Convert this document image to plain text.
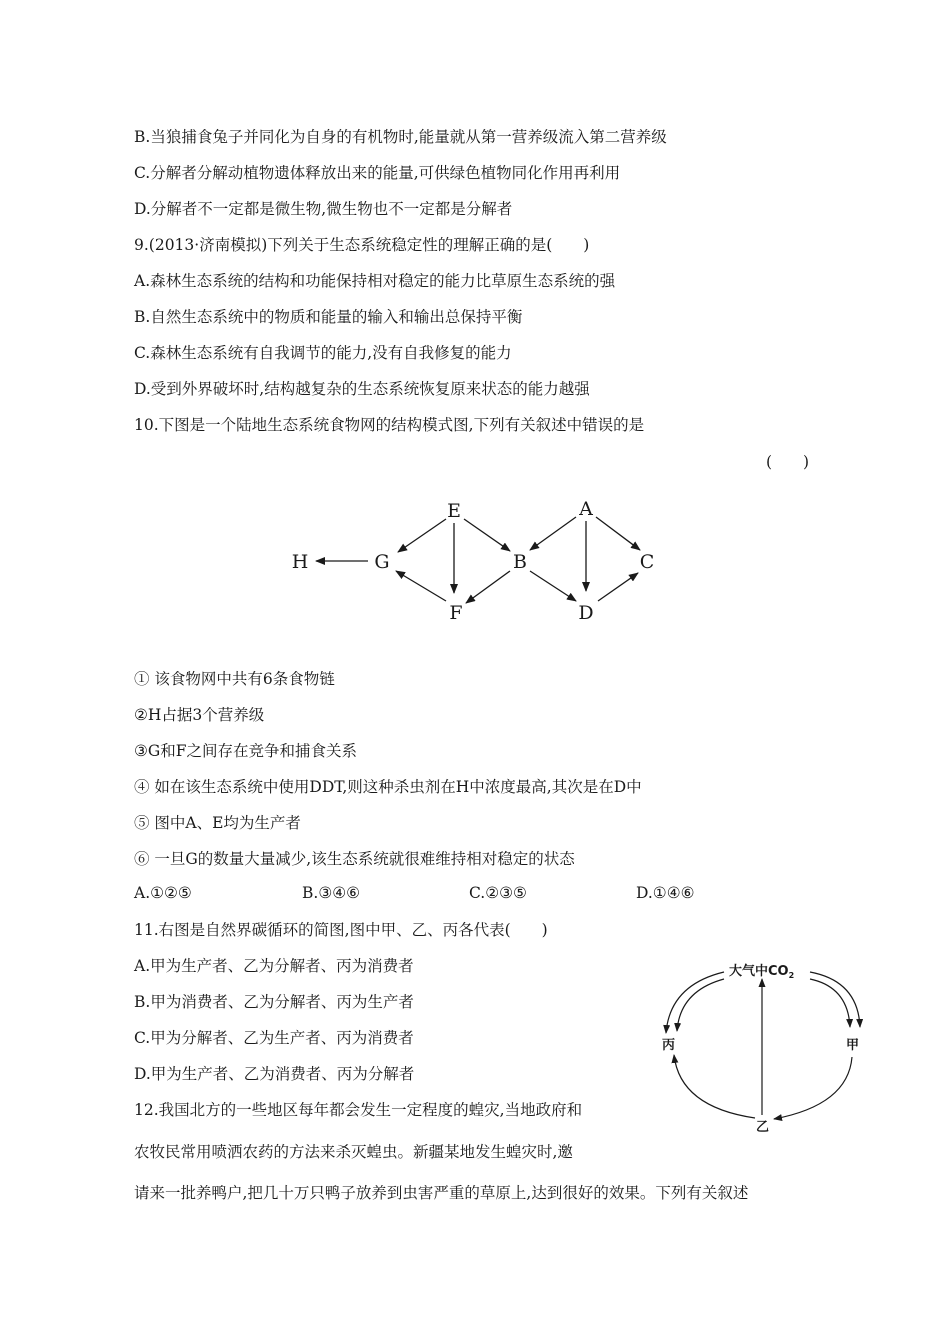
B.当狼捕食兔子并同化为自身的有机物时,能量就从第一营养级流入第二营养级
C.分解者分解动植物遗体释放出来的能量,可供绿色植物同化作用再利用
D.分解者不一定都是微生物,微生物也不一定都是分解者
9.(2013·济南模拟)下列关于生态系统稳定性的理解正确的是(　　)
A.森林生态系统的结构和功能保持相对稳定的能力比草原生态系统的强
B.自然生态系统中的物质和能量的输入和输出总保持平衡
C.森林生态系统有自我调节的能力,没有自我修复的能力
D.受到外界破坏时,结构越复杂的生态系统恢复原来状态的能力越强
10.下图是一个陆地生态系统食物网的结构模式图,下列有关叙述中错误的是
(　　)
E	A
H	G	B	C
F	D
① 该食物网中共有6条食物链
②H占据3个营养级
③G和F之间存在竞争和捕食关系
④ 如在该生态系统中使用DDT,则这种杀虫剂在H中浓度最高,其次是在D中
⑤ 图中A、E均为生产者
⑥ 一旦G的数量大量减少,该生态系统就很难维持相对稳定的状态
A.①②⑤	B.③④⑥	C.②③⑤	D.①④⑥
11.右图是自然界碳循环的简图,图中甲、乙、丙各代表(　　)
A.甲为生产者、乙为分解者、丙为消费者
B.甲为消费者、乙为分解者、丙为生产者
C.甲为分解者、乙为生产者、丙为消费者
D.甲为生产者、乙为消费者、丙为分解者
大气中$CO_2$
丙	甲
乙
12.我国北方的一些地区每年都会发生一定程度的蝗灾,当地政府和
农牧民常用喷洒农药的方法来杀灭蝗虫。新疆某地发生蝗灾时,邀
请来一批养鸭户,把几十万只鸭子放养到虫害严重的草原上,达到很好的效果。下列有关叙述
